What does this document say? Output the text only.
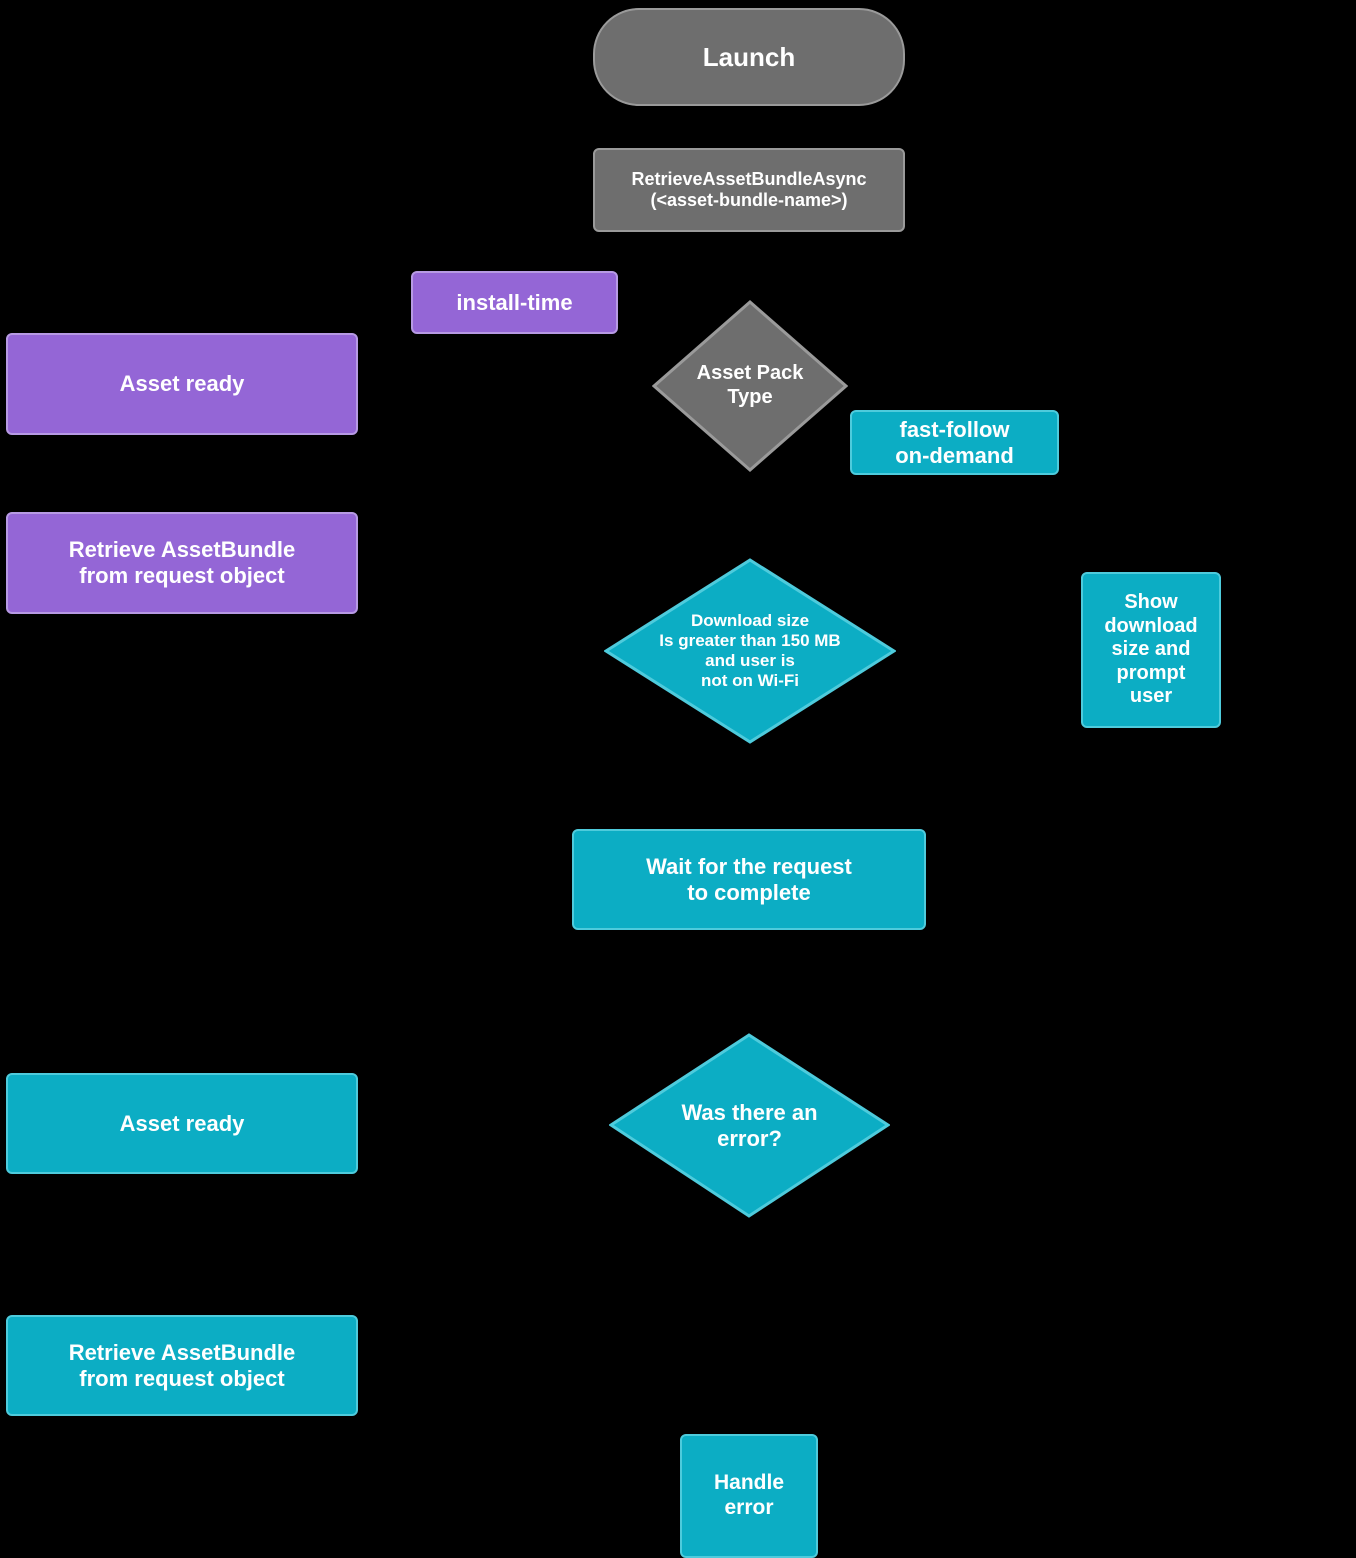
Launch
RetrieveAssetBundleAsync
(<asset-bundle-name>)
install-time
Asset Pack
Type
fast-follow
on-demand
Asset ready
Retrieve AssetBundle
from request object
Download size
Is greater than 150 MB
and user is
not on Wi-Fi
Show
download
size and
prompt
user
Wait for the request
to complete
Was there an
error?
Asset ready
Retrieve AssetBundle
from request object
Handle
error
